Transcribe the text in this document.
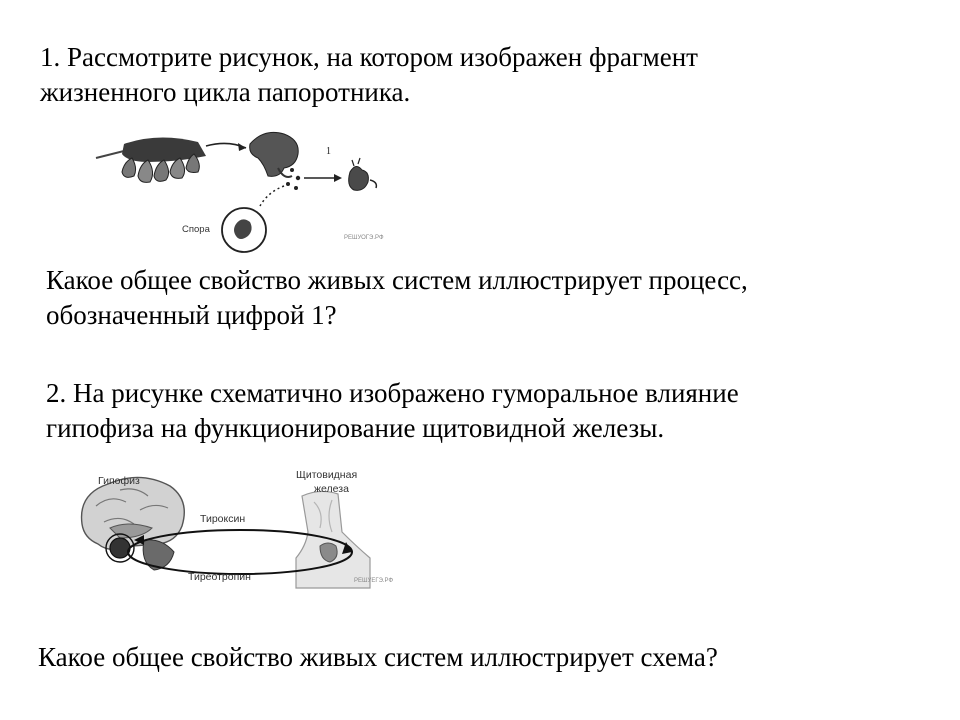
1. Рассмотрите рисунок, на котором изображен фрагмент
жизненного цикла папоротника.

1
Спора
РЕШУОГЭ.РФ

Какое общее свойство живых систем иллюстрирует процесс,
обозначенный цифрой 1?

2. На рисунке схематично изображено гуморальное влияние
гипофиза на функционирование щитовидной железы.

Гипофиз	Щитовидная
железа
Тироксин
Тиреотропин	РЕШУЕГЭ.РФ

Какое общее свойство живых систем иллюстрирует схема?
